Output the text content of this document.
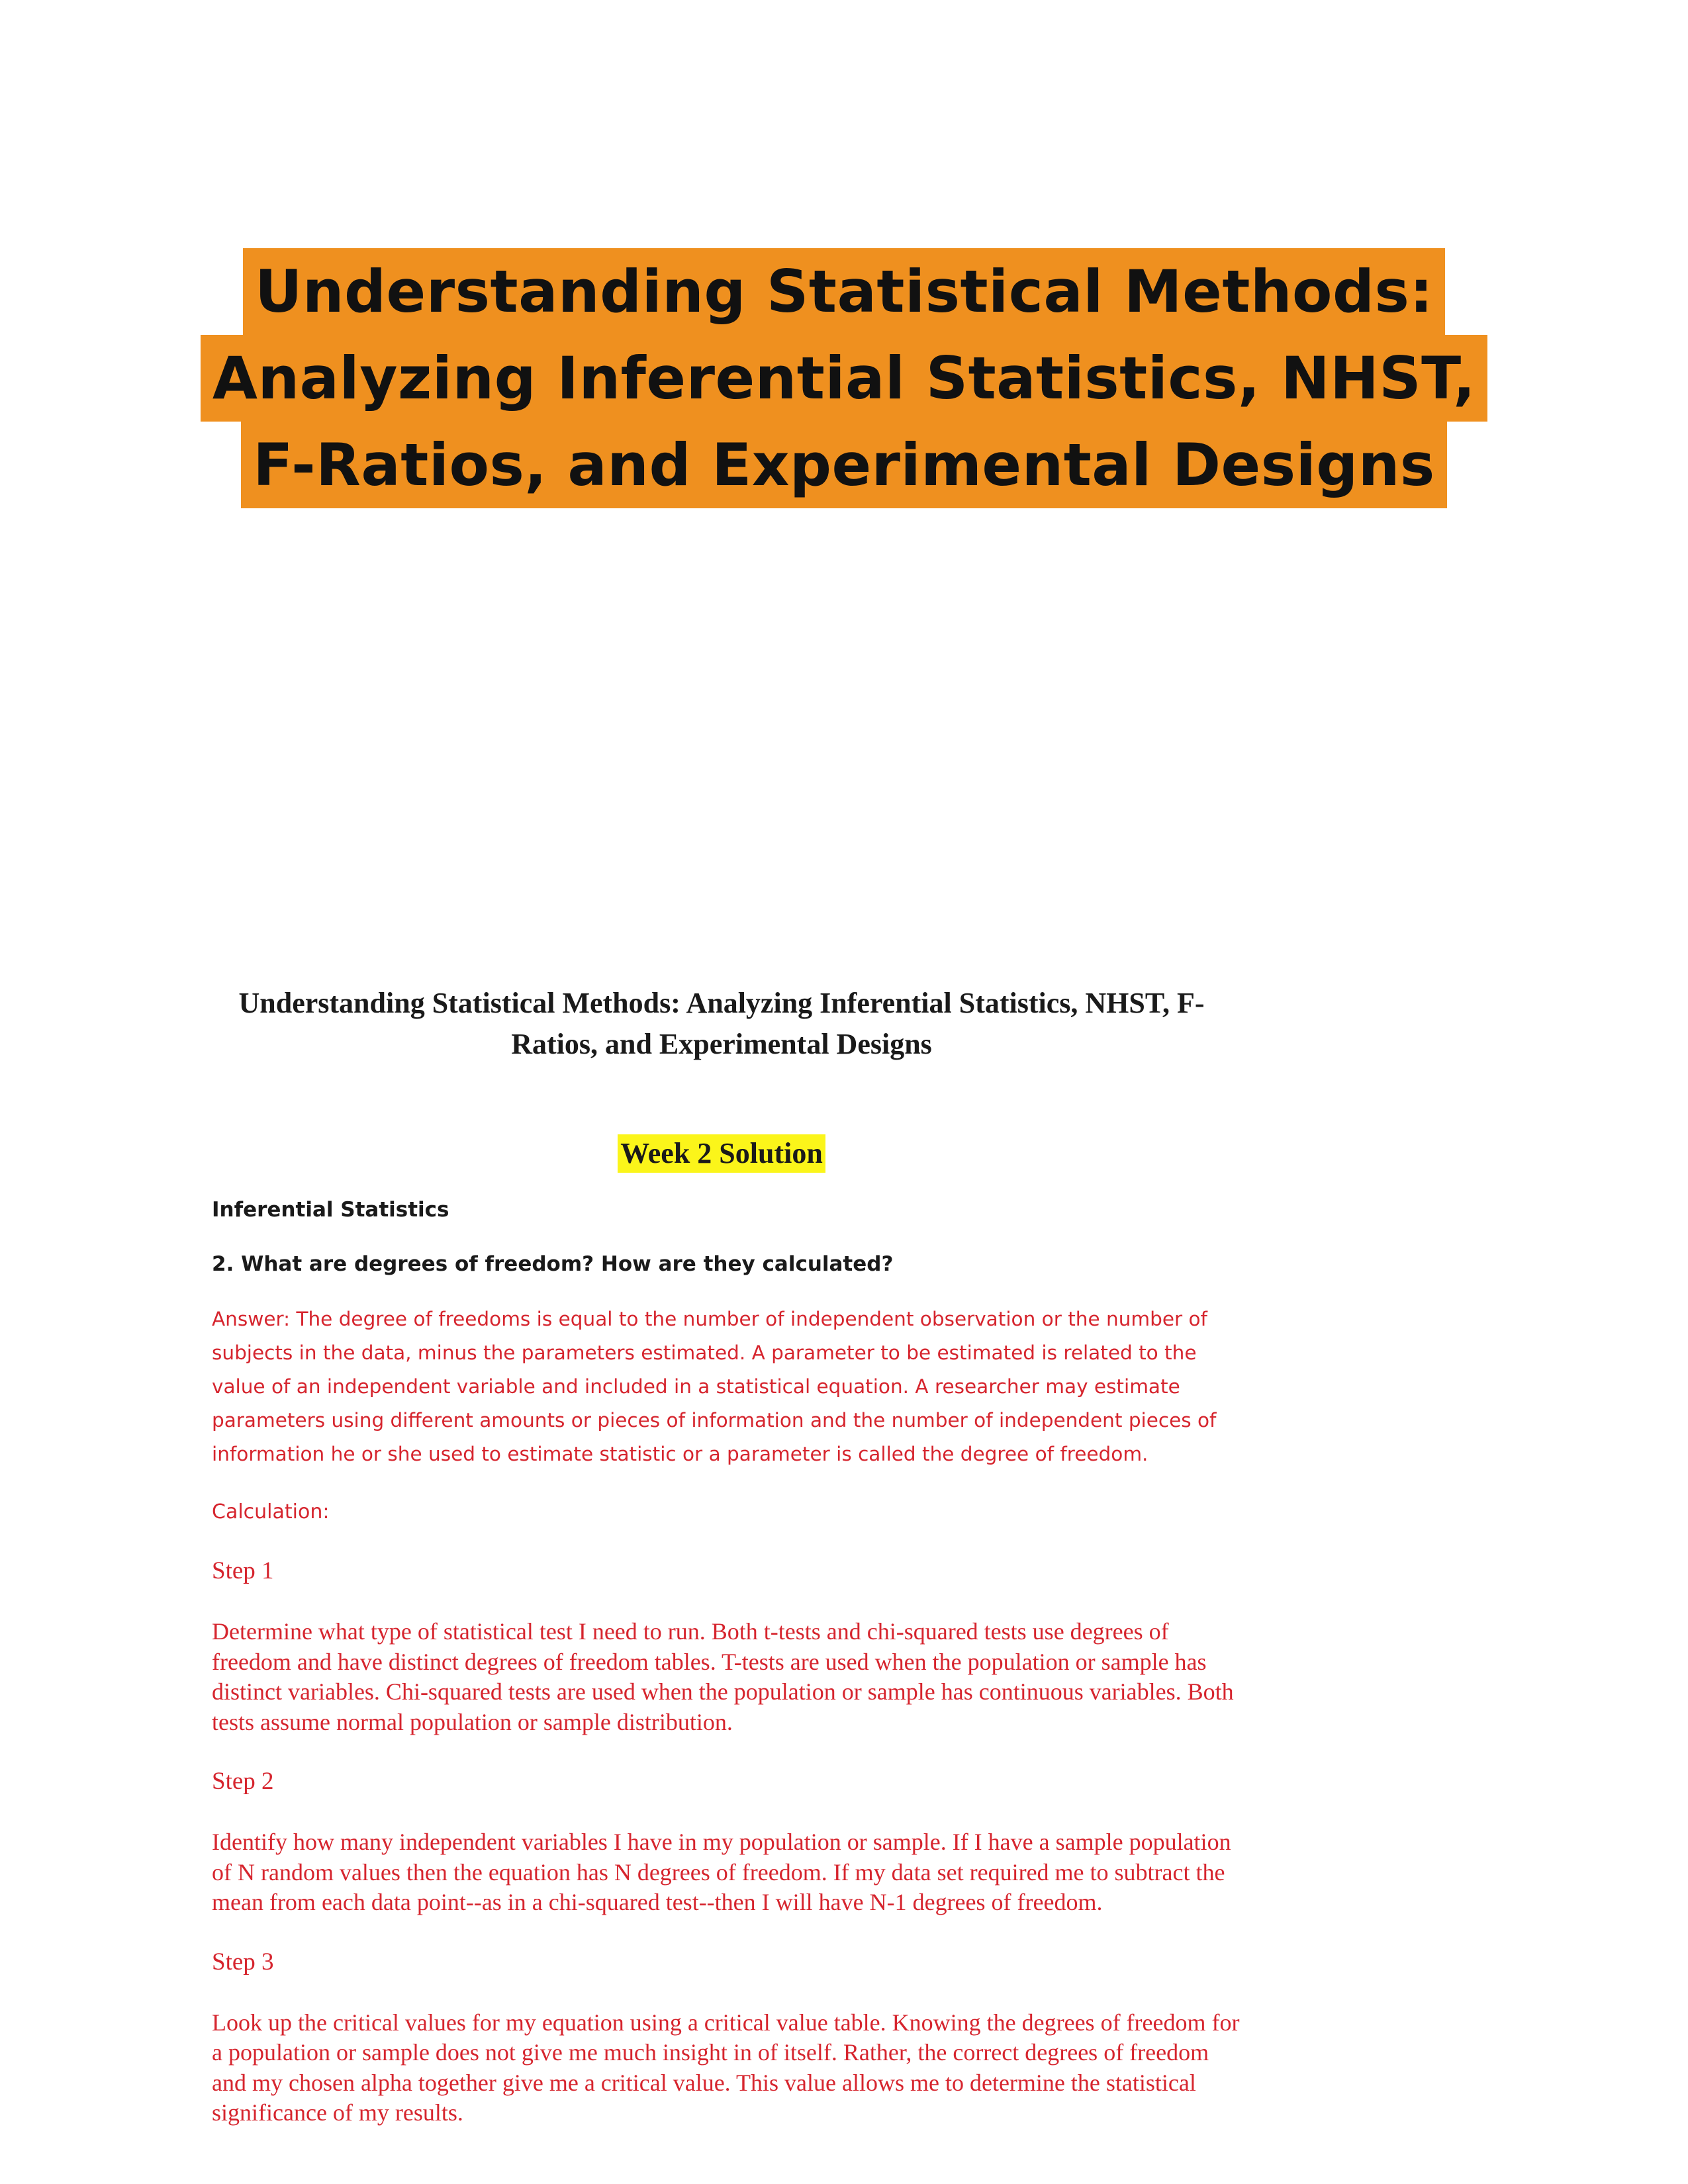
Understanding Statistical Methods:
Analyzing Inferential Statistics, NHST,
F-Ratios, and Experimental Designs

Understanding Statistical Methods: Analyzing Inferential Statistics, NHST, F-Ratios, and Experimental Designs

Week 2 Solution

Inferential Statistics

2. What are degrees of freedom? How are they calculated?

Answer: The degree of freedoms is equal to the number of independent observation or the number of subjects in the data, minus the parameters estimated. A parameter to be estimated is related to the value of an independent variable and included in a statistical equation. A researcher may estimate parameters using different amounts or pieces of information and the number of independent pieces of information he or she used to estimate statistic or a parameter is called the degree of freedom.

Calculation:

Step 1

Determine what type of statistical test I need to run. Both t-tests and chi-squared tests use degrees of freedom and have distinct degrees of freedom tables. T-tests are used when the population or sample has distinct variables. Chi-squared tests are used when the population or sample has continuous variables. Both tests assume normal population or sample distribution.

Step 2

Identify how many independent variables I have in my population or sample. If I have a sample population of N random values then the equation has N degrees of freedom. If my data set required me to subtract the mean from each data point--as in a chi-squared test--then I will have N-1 degrees of freedom.

Step 3

Look up the critical values for my equation using a critical value table. Knowing the degrees of freedom for a population or sample does not give me much insight in of itself. Rather, the correct degrees of freedom and my chosen alpha together give me a critical value. This value allows me to determine the statistical significance of my results.
